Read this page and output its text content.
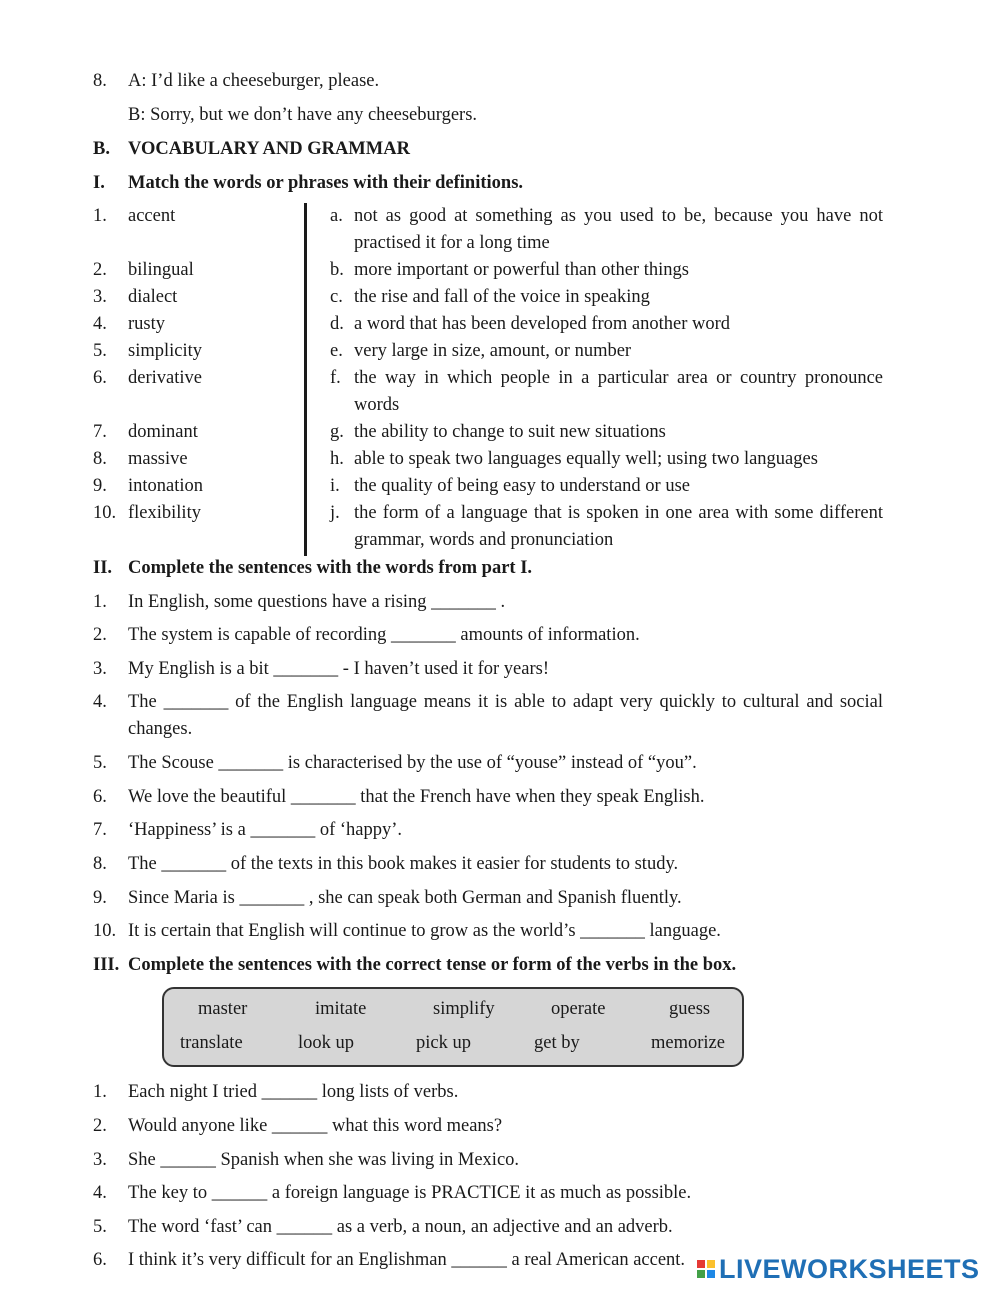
8. A: I’d like a cheeseburger, please.
B: Sorry, but we don’t have any cheeseburgers.
B. VOCABULARY AND GRAMMAR
I. Match the words or phrases with their definitions.
1. accent	a. not as good at something as you used to be, because you have not practised it for a long time
2. bilingual	b. more important or powerful than other things
3. dialect	c. the rise and fall of the voice in speaking
4. rusty	d. a word that has been developed from another word
5. simplicity	e. very large in size, amount, or number
6. derivative	f. the way in which people in a particular area or country pronounce words
7. dominant	g. the ability to change to suit new situations
8. massive	h. able to speak two languages equally well; using two languages
9. intonation	i. the quality of being easy to understand or use
10. flexibility	j. the form of a language that is spoken in one area with some different grammar, words and pronunciation
II. Complete the sentences with the words from part I.
1. In English, some questions have a rising _______ .
2. The system is capable of recording _______ amounts of information.
3. My English is a bit _______ - I haven’t used it for years!
4. The _______ of the English language means it is able to adapt very quickly to cultural and social changes.
5. The Scouse _______ is characterised by the use of “youse” instead of “you”.
6. We love the beautiful _______ that the French have when they speak English.
7. ‘Happiness’ is a _______ of ‘happy’.
8. The _______ of the texts in this book makes it easier for students to study.
9. Since Maria is _______ , she can speak both German and Spanish fluently.
10. It is certain that English will continue to grow as the world’s _______ language.
III. Complete the sentences with the correct tense or form of the verbs in the box.
master	imitate	simplify	operate	guess
translate	look up	pick up	get by	memorize
1. Each night I tried ______ long lists of verbs.
2. Would anyone like ______ what this word means?
3. She ______ Spanish when she was living in Mexico.
4. The key to ______ a foreign language is PRACTICE it as much as possible.
5. The word ‘fast’ can ______ as a verb, a noun, an adjective and an adverb.
6. I think it’s very difficult for an Englishman ______ a real American accent.	LIVEWORKSHEETS
